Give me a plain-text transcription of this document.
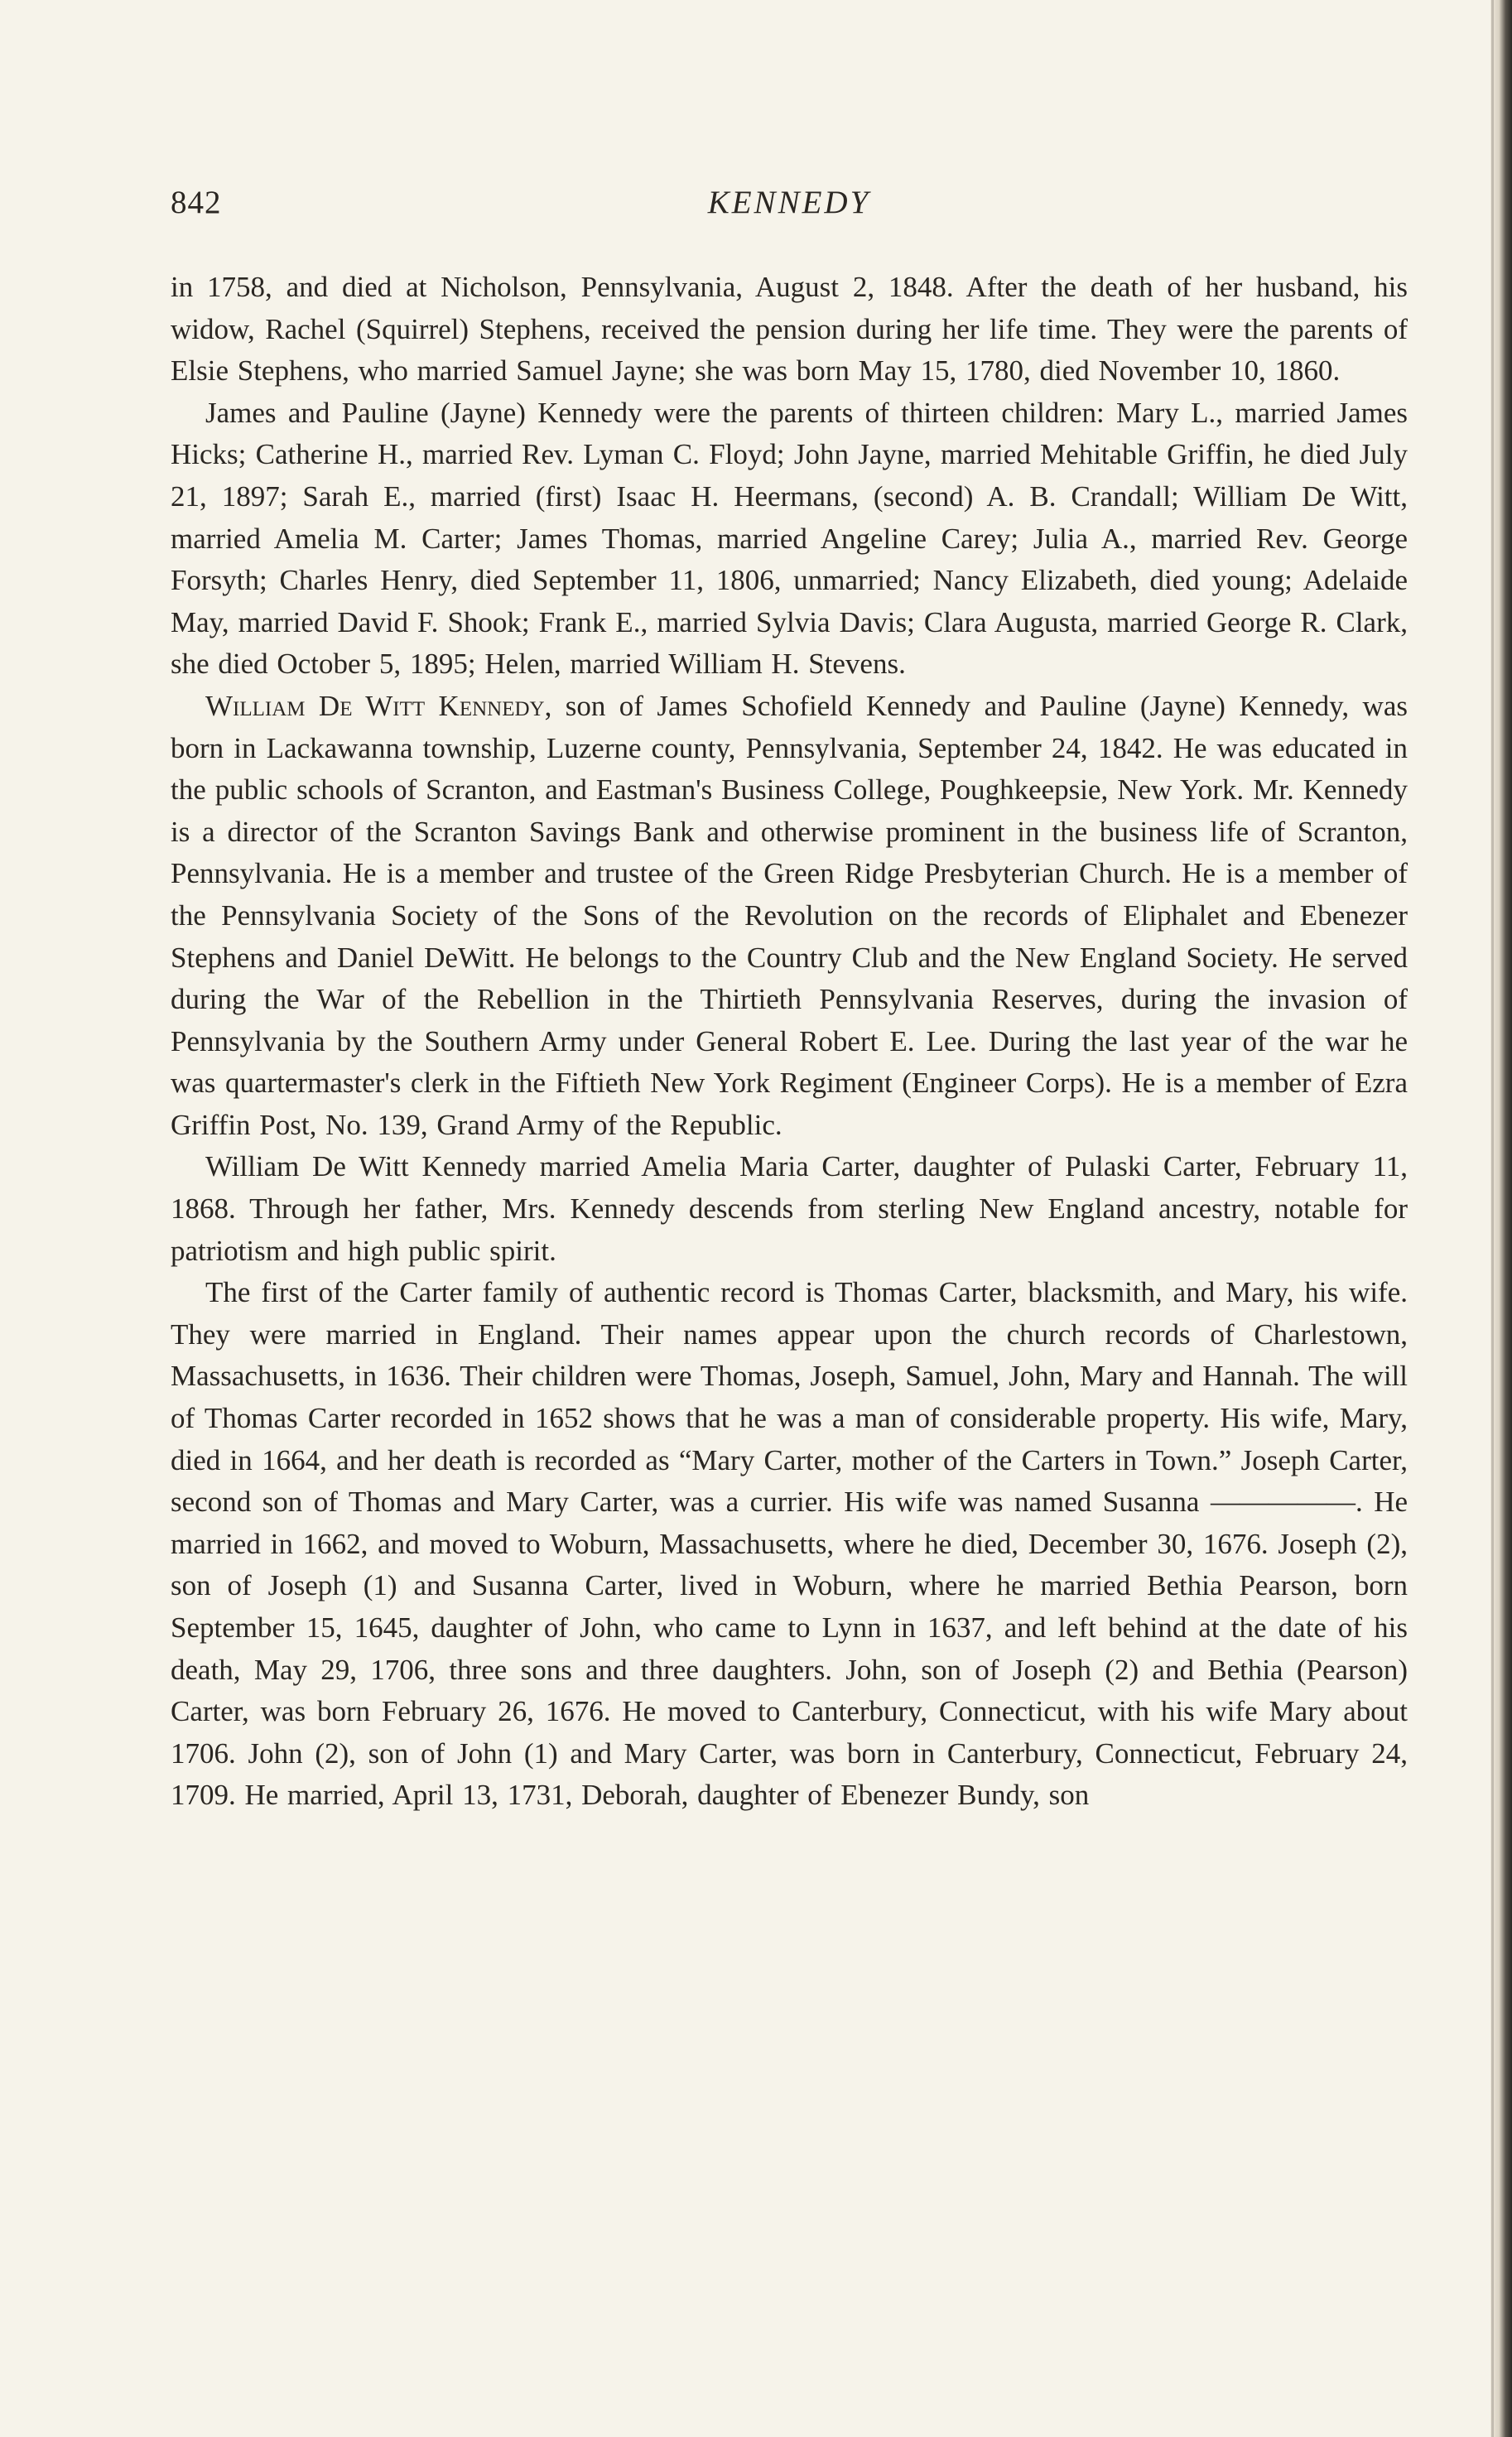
842	KENNEDY

in 1758, and died at Nicholson, Pennsylvania, August 2, 1848. After the death of her husband, his widow, Rachel (Squirrel) Stephens, received the pension during her life time. They were the parents of Elsie Stephens, who married Samuel Jayne; she was born May 15, 1780, died November 10, 1860.

James and Pauline (Jayne) Kennedy were the parents of thirteen children: Mary L., married James Hicks; Catherine H., married Rev. Lyman C. Floyd; John Jayne, married Mehitable Griffin, he died July 21, 1897; Sarah E., married (first) Isaac H. Heermans, (second) A. B. Crandall; William De Witt, married Amelia M. Carter; James Thomas, married Angeline Carey; Julia A., married Rev. George Forsyth; Charles Henry, died September 11, 1806, unmarried; Nancy Elizabeth, died young; Adelaide May, married David F. Shook; Frank E., married Sylvia Davis; Clara Augusta, married George R. Clark, she died October 5, 1895; Helen, married William H. Stevens.

William De Witt Kennedy, son of James Schofield Kennedy and Pauline (Jayne) Kennedy, was born in Lackawanna township, Luzerne county, Pennsylvania, September 24, 1842. He was educated in the public schools of Scranton, and Eastman's Business College, Poughkeepsie, New York. Mr. Kennedy is a director of the Scranton Savings Bank and otherwise prominent in the business life of Scranton, Pennsylvania. He is a member and trustee of the Green Ridge Presbyterian Church. He is a member of the Pennsylvania Society of the Sons of the Revolution on the records of Eliphalet and Ebenezer Stephens and Daniel DeWitt. He belongs to the Country Club and the New England Society. He served during the War of the Rebellion in the Thirtieth Pennsylvania Reserves, during the invasion of Pennsylvania by the Southern Army under General Robert E. Lee. During the last year of the war he was quartermaster's clerk in the Fiftieth New York Regiment (Engineer Corps). He is a member of Ezra Griffin Post, No. 139, Grand Army of the Republic.

William De Witt Kennedy married Amelia Maria Carter, daughter of Pulaski Carter, February 11, 1868. Through her father, Mrs. Kennedy descends from sterling New England ancestry, notable for patriotism and high public spirit.

The first of the Carter family of authentic record is Thomas Carter, blacksmith, and Mary, his wife. They were married in England. Their names appear upon the church records of Charlestown, Massachusetts, in 1636. Their children were Thomas, Joseph, Samuel, John, Mary and Hannah. The will of Thomas Carter recorded in 1652 shows that he was a man of considerable property. His wife, Mary, died in 1664, and her death is recorded as “Mary Carter, mother of the Carters in Town.” Joseph Carter, second son of Thomas and Mary Carter, was a currier. His wife was named Susanna —————. He married in 1662, and moved to Woburn, Massachusetts, where he died, December 30, 1676. Joseph (2), son of Joseph (1) and Susanna Carter, lived in Woburn, where he married Bethia Pearson, born September 15, 1645, daughter of John, who came to Lynn in 1637, and left behind at the date of his death, May 29, 1706, three sons and three daughters. John, son of Joseph (2) and Bethia (Pearson) Carter, was born February 26, 1676. He moved to Canterbury, Connecticut, with his wife Mary about 1706. John (2), son of John (1) and Mary Carter, was born in Canterbury, Connecticut, February 24, 1709. He married, April 13, 1731, Deborah, daughter of Ebenezer Bundy, son
